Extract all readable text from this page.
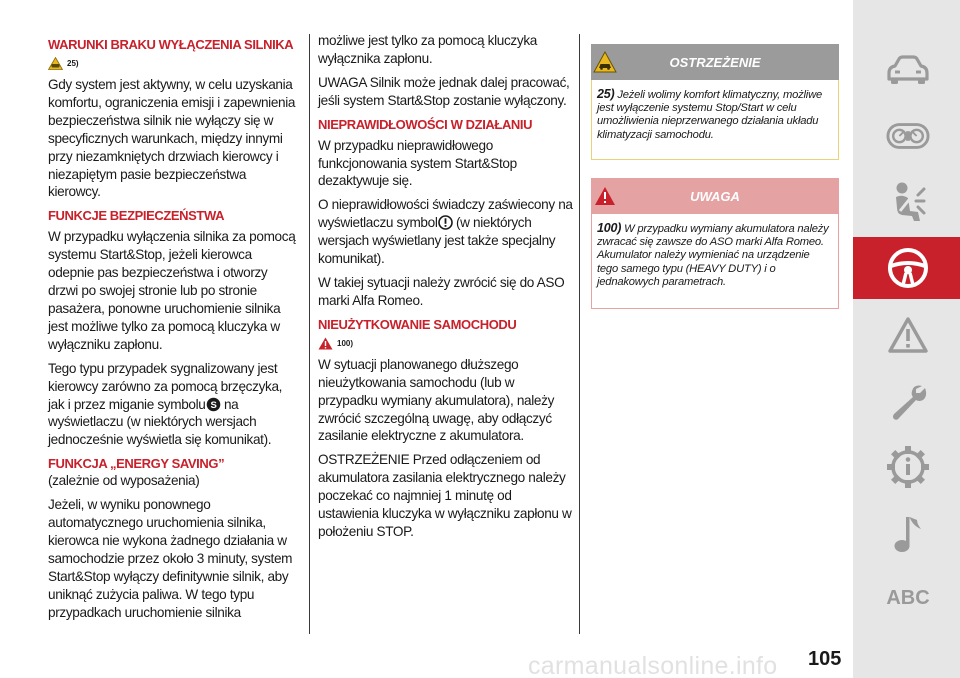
WARUNKI BRAKU WYŁĄCZENIA SILNIKA
25)

Gdy system jest aktywny, w celu uzyskania komfortu, ograniczenia emisji i zapewnienia bezpieczeństwa silnik nie wyłączy się w specyficznych warunkach, między innymi przy niezamkniętych drzwiach kierowcy i niezapiętym pasie bezpieczeństwa kierowcy.

FUNKCJE BEZPIECZEŃSTWA

W przypadku wyłączenia silnika za pomocą systemu Start&Stop, jeżeli kierowca odepnie pas bezpieczeństwa i otworzy drzwi po swojej stronie lub po stronie pasażera, ponowne uruchomienie silnika jest możliwe tylko za pomocą kluczyka w wyłączniku zapłonu.

Tego typu przypadek sygnalizowany jest kierowcy zarówno za pomocą brzęczyka, jak i przez miganie symbolu S na wyświetlaczu (w niektórych wersjach jednocześnie wyświetla się komunikat).

FUNKCJA „ENERGY SAVING”

(zależnie od wyposażenia)

Jeżeli, w wyniku ponownego automatycznego uruchomienia silnika, kierowca nie wykona żadnego działania w samochodzie przez około 3 minuty, system Start&Stop wyłączy definitywnie silnik, aby uniknąć zużycia paliwa. W tego typu przypadkach uruchomienie silnika

możliwe jest tylko za pomocą kluczyka wyłącznika zapłonu.

UWAGA Silnik może jednak dalej pracować, jeśli system Start&Stop zostanie wyłączony.

NIEPRAWIDŁOWOŚCI W DZIAŁANIU

W przypadku nieprawidłowego funkcjonowania system Start&Stop dezaktywuje się.

O nieprawidłowości świadczy zaświecony na wyświetlaczu symbol (w niektórych wersjach wyświetlany jest także specjalny komunikat).

W takiej sytuacji należy zwrócić się do ASO marki Alfa Romeo.

NIEUŻYTKOWANIE SAMOCHODU
100)

W sytuacji planowanego dłuższego nieużytkowania samochodu (lub w przypadku wymiany akumulatora), należy zwrócić szczególną uwagę, aby odłączyć zasilanie elektryczne z akumulatora.

OSTRZEŻENIE Przed odłączeniem od akumulatora zasilania elektrycznego należy poczekać co najmniej 1 minutę od ustawienia kluczyka w wyłączniku zapłonu w położeniu STOP.

OSTRZEŻENIE
25) Jeżeli wolimy komfort klimatyczny, możliwe jest wyłączenie systemu Stop/Start w celu umożliwienia nieprzerwanego działania układu klimatyzacji samochodu.
UWAGA
100) W przypadku wymiany akumulatora należy zwracać się zawsze do ASO marki Alfa Romeo. Akumulator należy wymieniać na urządzenie tego samego typu (HEAVY DUTY) i o jednakowych parametrach.
ABC
105
carmanualsonline.info
